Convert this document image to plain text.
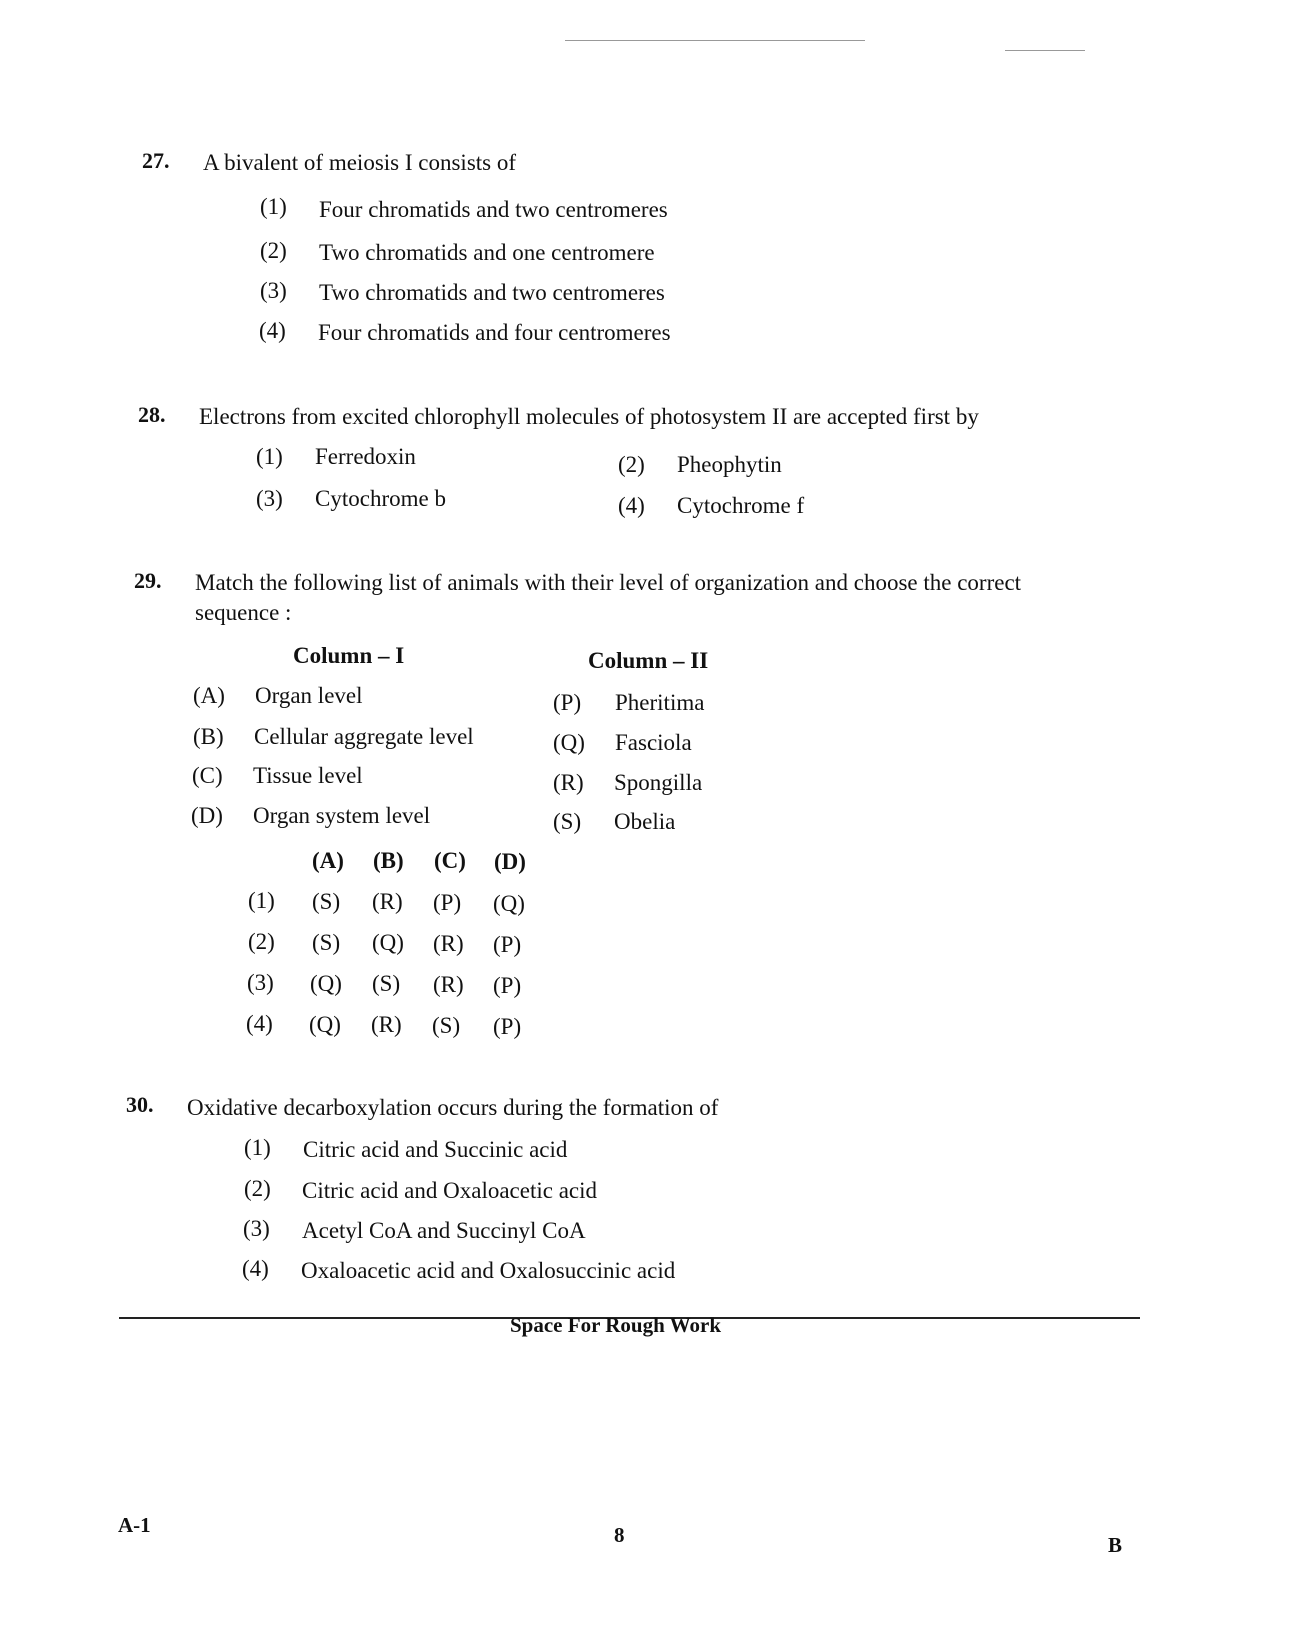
27. A bivalent of meiosis I consists of
(1) Four chromatids and two centromeres
(2) Two chromatids and one centromere
(3) Two chromatids and two centromeres
(4) Four chromatids and four centromeres
28. Electrons from excited chlorophyll molecules of photosystem II are accepted first by
(1) Ferredoxin	(2) Pheophytin
(3) Cytochrome b	(4) Cytochrome f
29. Match the following list of animals with their level of organization and choose the correct
sequence :
Column – I	Column – II
(A) Organ level	(P) Pheritima
(B) Cellular aggregate level	(Q) Fasciola
(C) Tissue level	(R) Spongilla
(D) Organ system level	(S) Obelia
(A) (B) (C) (D)
(1) (S) (R) (P) (Q)
(2) (S) (Q) (R) (P)
(3) (Q) (S) (R) (P)
(4) (Q) (R) (S) (P)
30. Oxidative decarboxylation occurs during the formation of
(1) Citric acid and Succinic acid
(2) Citric acid and Oxaloacetic acid
(3) Acetyl CoA and Succinyl CoA
(4) Oxaloacetic acid and Oxalosuccinic acid
Space For Rough Work
A-1	8	B
